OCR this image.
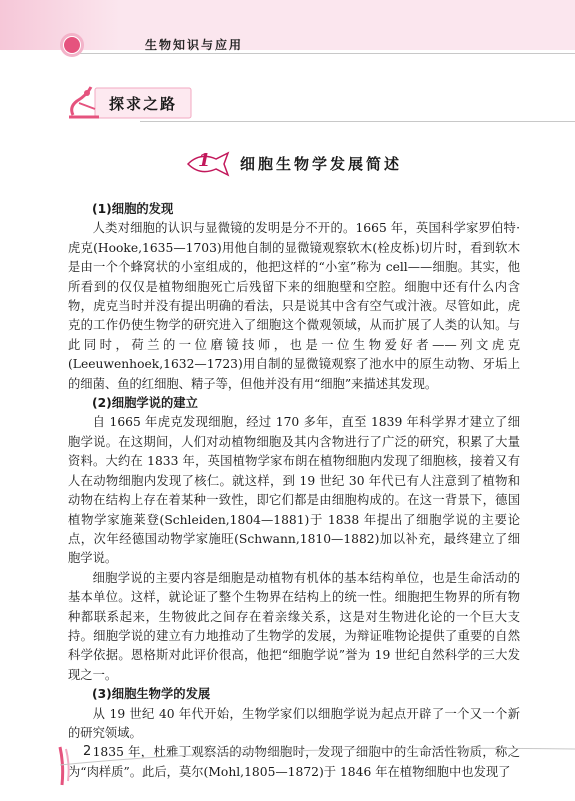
生物知识与应用
探求之路
1 细胞生物学发展简述
(1)细胞的发现

人类对细胞的认识与显微镜的发明是分不开的。1665 年，英国科学家罗伯特·虎克(Hooke,1635—1703)用他自制的显微镜观察软木(栓皮栎)切片时，看到软木是由一个个蜂窝状的小室组成的，他把这样的“小室”称为 cell——细胞。其实，他所看到的仅仅是植物细胞死亡后残留下来的细胞壁和空腔。细胞中还有什么内含物，虎克当时并没有提出明确的看法，只是说其中含有空气或汁液。尽管如此，虎克的工作仍使生物学的研究进入了细胞这个微观领域，从而扩展了人类的认知。与此同时，荷兰的一位磨镜技师，也是一位生物爱好者——列文虎克(Leeuwenhoek,1632—1723)用自制的显微镜观察了池水中的原生动物、牙垢上的细菌、鱼的红细胞、精子等，但他并没有用“细胞”来描述其发现。

(2)细胞学说的建立

自 1665 年虎克发现细胞，经过 170 多年，直至 1839 年科学界才建立了细胞学说。在这期间，人们对动植物细胞及其内含物进行了广泛的研究，积累了大量资料。大约在 1833 年，英国植物学家布朗在植物细胞内发现了细胞核，接着又有人在动物细胞内发现了核仁。就这样，到 19 世纪 30 年代已有人注意到了植物和动物在结构上存在着某种一致性，即它们都是由细胞构成的。在这一背景下，德国植物学家施莱登(Schleiden,1804—1881)于 1838 年提出了细胞学说的主要论点，次年经德国动物学家施旺(Schwann,1810—1882)加以补充，最终建立了细胞学说。

细胞学说的主要内容是细胞是动植物有机体的基本结构单位，也是生命活动的基本单位。这样，就论证了整个生物界在结构上的统一性。细胞把生物界的所有物种都联系起来，生物彼此之间存在着亲缘关系，这是对生物进化论的一个巨大支持。细胞学说的建立有力地推动了生物学的发展，为辩证唯物论提供了重要的自然科学依据。恩格斯对此评价很高，他把“细胞学说”誉为 19 世纪自然科学的三大发现之一。

(3)细胞生物学的发展

从 19 世纪 40 年代开始，生物学家们以细胞学说为起点开辟了一个又一个新的研究领域。

1835 年，杜雅丁观察活的动物细胞时，发现了细胞中的生命活性物质，称之为“肉样质”。此后，莫尔(Mohl,1805—1872)于 1846 年在植物细胞中也发现了

2
